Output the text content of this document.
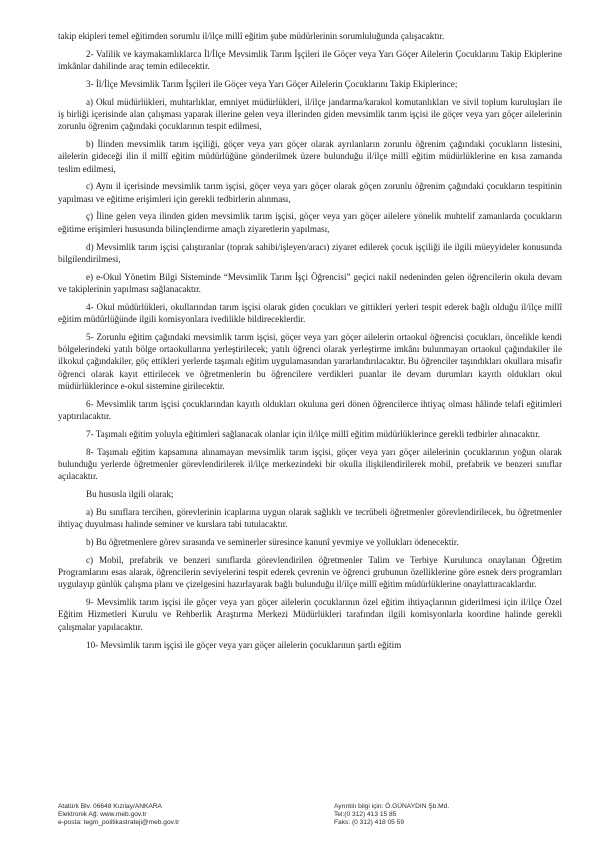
takip ekipleri temel eğitimden sorumlu il/ilçe millî eğitim şube müdürlerinin sorumluluğunda çalışacaktır.

2- Valilik ve kaymakamlıklarca İl/İlçe Mevsimlik Tarım İşçileri ile Göçer veya Yarı Göçer Ailelerin Çocuklarını Takip Ekiplerine imkânlar dahilinde araç temin edilecektir.

3- İl/İlçe Mevsimlik Tarım İşçileri ile Göçer veya Yarı Göçer Ailelerin Çocuklarını Takip Ekiplerince;

a) Okul müdürlükleri, muhtarlıklar, emniyet müdürlükleri, il/ilçe jandarma/karakol komutanlıkları ve sivil toplum kuruluşları ile iş birliği içerisinde alan çalışması yaparak illerine gelen veya illerinden giden mevsimlik tarım işçisi ile göçer veya yarı göçer ailelerinin zorunlu öğrenim çağındaki çocuklarının tespit edilmesi,

b) İlinden mevsimlik tarım işçiliği, göçer veya yarı göçer olarak ayrılanların zorunlu öğrenim çağındaki çocukların listesini, ailelerin gideceği ilin il millî eğitim müdürlüğüne gönderilmek üzere bulunduğu il/ilçe millî eğitim müdürlüklerine en kısa zamanda teslim edilmesi,

c) Aynı il içerisinde mevsimlik tarım işçisi, göçer veya yarı göçer olarak göçen zorunlu öğrenim çağındaki çocukların tespitinin yapılması ve eğitime erişimleri için gerekli tedbirlerin alınması,

ç) İline gelen veya ilinden giden mevsimlik tarım işçisi, göçer veya yarı göçer ailelere yönelik muhtelif zamanlarda çocukların eğitime erişimleri hususunda bilinçlendirme amaçlı ziyaretlerin yapılması,

d) Mevsimlik tarım işçisi çalıştıranlar (toprak sahibi/işleyen/aracı) ziyaret edilerek çocuk işçiliği ile ilgili müeyyideler konusunda bilgilendirilmesi,

e) e-Okul Yönetim Bilgi Sisteminde “Mevsimlik Tarım İşçi Öğrencisi” geçici nakil nedeninden gelen öğrencilerin okula devam ve takiplerinin yapılması sağlanacaktır.

4- Okul müdürlükleri, okullarından tarım işçisi olarak giden çocukları ve gittikleri yerleri tespit ederek bağlı olduğu il/ilçe millî eğitim müdürlüğünde ilgili komisyonlara ivedilikle bildireceklerdir.

5- Zorunlu eğitim çağındaki mevsimlik tarım işçisi, göçer veya yarı göçer ailelerin ortaokul öğrencisi çocukları, öncelikle kendi bölgelerindeki yatılı bölge ortaokullarına yerleştirilecek; yatılı öğrenci olarak yerleştirme imkânı bulunmayan ortaokul çağındakiler ile ilkokul çağındakiler, göç ettikleri yerlerde taşımalı eğitim uygulamasından yararlandırılacaktır. Bu öğrenciler taşındıkları okullara misafir öğrenci olarak kayıt ettirilecek ve öğretmenlerin bu öğrencilere verdikleri puanlar ile devam durumları kayıtlı oldukları okul müdürlüklerince e-okul sistemine girilecektir.

6- Mevsimlik tarım işçisi çocuklarından kayıtlı oldukları okuluna geri dönen öğrencilerce ihtiyaç olması hâlinde telafi eğitimleri yaptırılacaktır.

7- Taşımalı eğitim yoluyla eğitimleri sağlanacak olanlar için il/ilçe millî eğitim müdürlüklerince gerekli tedbirler alınacaktır.

8- Taşımalı eğitim kapsamına alınamayan mevsimlik tarım işçisi, göçer veya yarı göçer ailelerinin çocuklarının yoğun olarak bulunduğu yerlerde öğretmenler görevlendirilerek il/ilçe merkezindeki bir okulla ilişkilendirilerek mobil, prefabrik ve benzeri sınıflar açılacaktır.

Bu hususla ilgili olarak;

a) Bu sınıflara tercihen, görevlerinin icaplarına uygun olarak sağlıklı ve tecrübeli öğretmenler görevlendirilecek, bu öğretmenler ihtiyaç duyulması halinde seminer ve kurslara tabi tutulacaktır.

b) Bu öğretmenlere görev sırasında ve seminerler süresince kanunî yevmiye ve yollukları ödenecektir.

c) Mobil, prefabrik ve benzeri sınıflarda görevlendirilen öğretmenler Talim ve Terbiye Kurulunca onaylanan Öğretim Programlarını esas alarak, öğrencilerin seviyelerini tespit ederek çevrenin ve öğrenci grubunun özelliklerine göre esnek ders programları uygulayıp günlük çalışma planı ve çizelgesini hazırlayarak bağlı bulunduğu il/ilçe millî eğitim müdürlüklerine onaylattıracaklardır.

9- Mevsimlik tarım işçisi ile göçer veya yarı göçer ailelerin çocuklarının özel eğitim ihtiyaçlarının giderilmesi için il/ilçe Özel Eğitim Hizmetleri Kurulu ve Rehberlik Araştırma Merkezi Müdürlükleri tarafından ilgili komisyonlarla koordine halinde gerekli çalışmalar yapılacaktır.

10- Mevsimlik tarım işçisi ile göçer veya yarı göçer ailelerin çocuklarının şartlı eğitim

Atatürk Blv. 06648 Kızılay/ANKARA
Elektronik Ağ: www.meb.gov.tr
e-posta: tegm_politikastrateji@meb.gov.tr
Ayrıntılı bilgi için: Ö.GÜNAYDIN Şb.Md.
Tel:(0 312) 413 15 85
Faks: (0 312) 418 05 59
